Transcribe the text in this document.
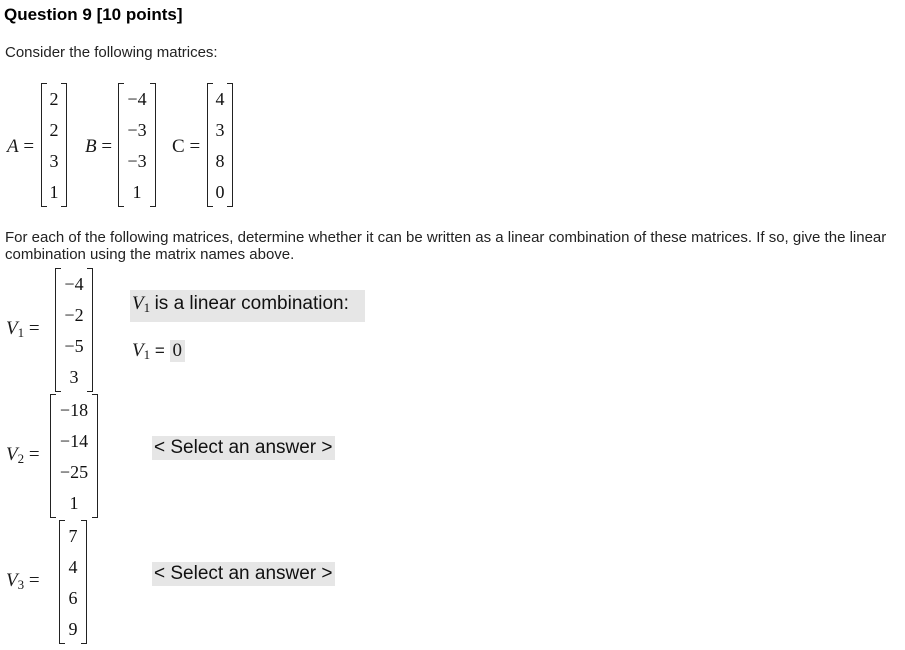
Question 9 [10 points]
Consider the following matrices:
A =
2
2
3
1
B =
−4
−3
−3
1
C =
4
3
8
0
For each of the following matrices, determine whether it can be written as a linear combination of these matrices. If so, give the linear combination using the matrix names above.
$V_1$ =
−4
−2
−5
3
$V_1$ is a linear combination:
$V_1 = 0$
$V_2$ =
−18
−14
−25
1
< Select an answer >
$V_3$ =
7
4
6
9
< Select an answer >
